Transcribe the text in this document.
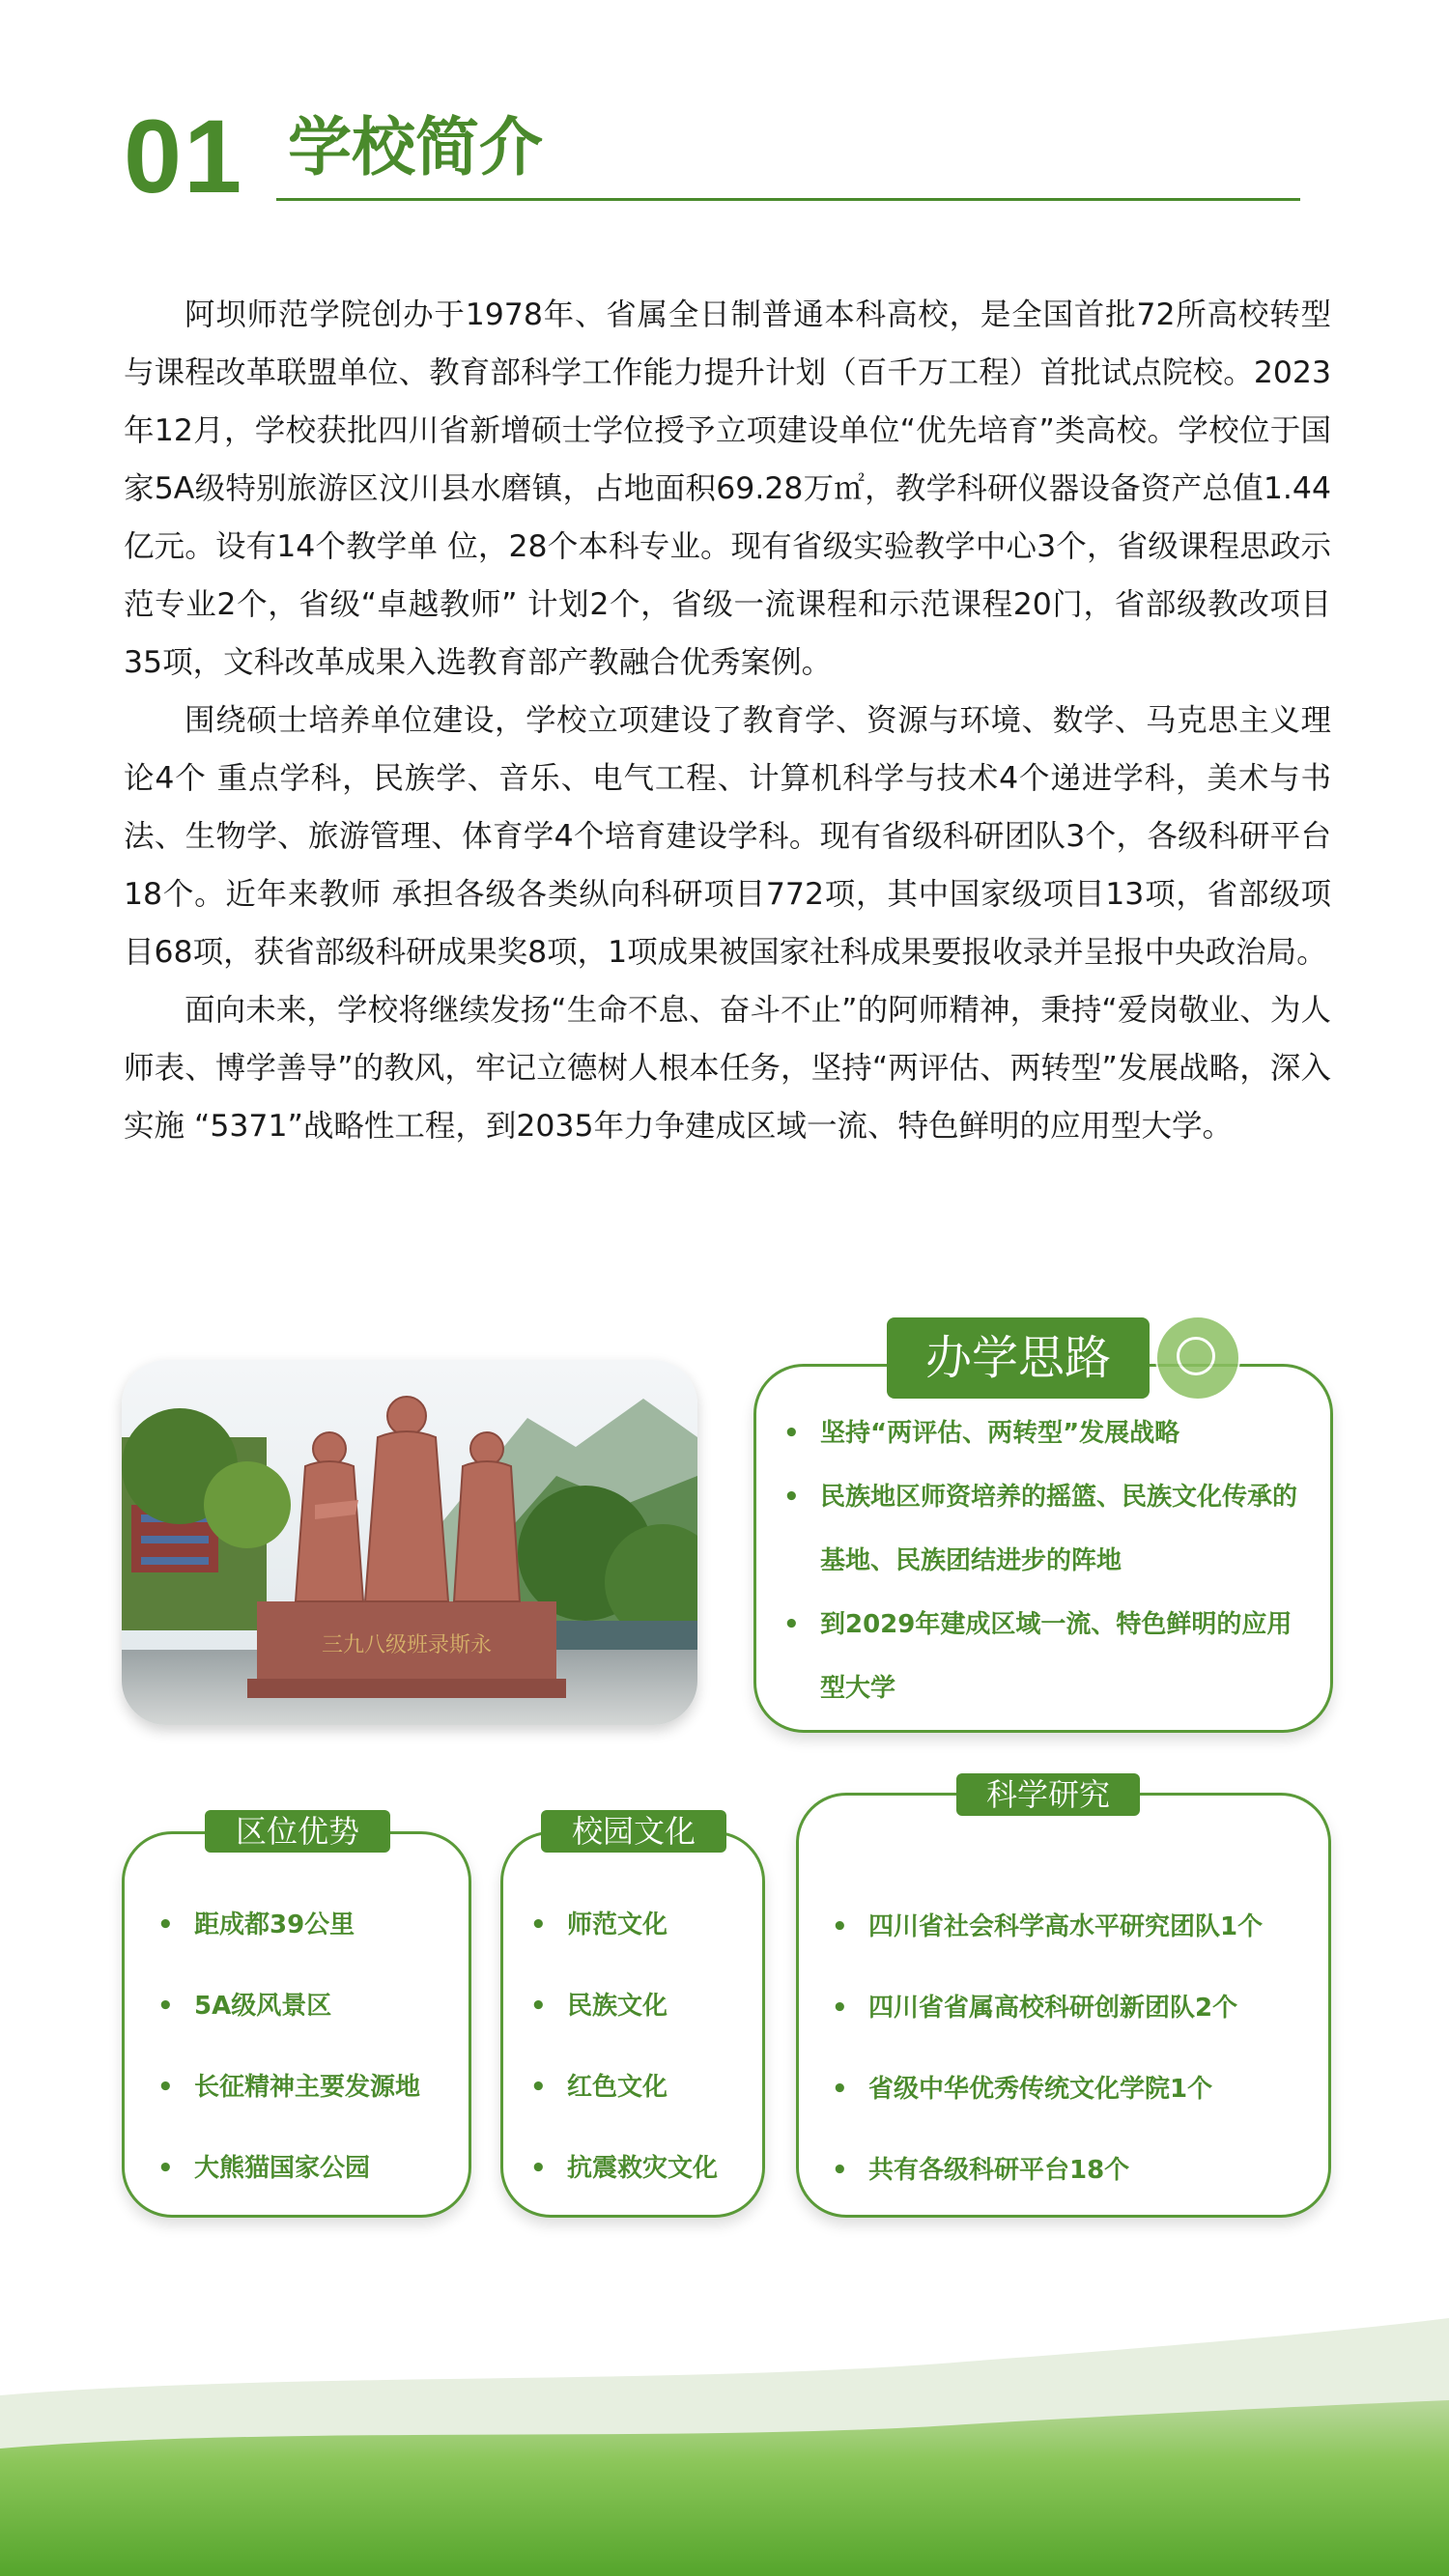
01 学校简介

阿坝师范学院创办于1978年、省属全日制普通本科高校，是全国首批72所高校转型与课程改革联盟单位、教育部科学工作能力提升计划（百千万工程）首批试点院校。2023年12月，学校获批四川省新增硕士学位授予立项建设单位“优先培育”类高校。学校位于国家5A级特别旅游区汶川县水磨镇，占地面积69.28万㎡，教学科研仪器设备资产总值1.44亿元。设有14个教学单 位，28个本科专业。现有省级实验教学中心3个，省级课程思政示范专业2个，省级“卓越教师” 计划2个，省级一流课程和示范课程20门，省部级教改项目35项，文科改革成果入选教育部产教融合优秀案例。

围绕硕士培养单位建设，学校立项建设了教育学、资源与环境、数学、马克思主义理论4个 重点学科，民族学、音乐、电气工程、计算机科学与技术4个递进学科，美术与书法、生物学、旅游管理、体育学4个培育建设学科。现有省级科研团队3个，各级科研平台18个。近年来教师 承担各级各类纵向科研项目772项，其中国家级项目13项，省部级项目68项，获省部级科研成果奖8项，1项成果被国家社科成果要报收录并呈报中央政治局。

面向未来，学校将继续发扬“生命不息、奋斗不止”的阿师精神，秉持“爱岗敬业、为人师表、博学善导”的教风，牢记立德树人根本任务，坚持“两评估、两转型”发展战略，深入实施 “5371”战略性工程，到2035年力争建成区域一流、特色鲜明的应用型大学。

三九八级班录斯永
• 坚持“两评估、两转型”发展战略
• 民族地区师资培养的摇篮、民族文化传承的基地、民族团结进步的阵地
• 到2029年建成区域一流、特色鲜明的应用型大学
办学思路
• 距成都39公里
• 5A级风景区
• 长征精神主要发源地
• 大熊猫国家公园
区位优势
• 师范文化
• 民族文化
• 红色文化
• 抗震救灾文化
校园文化
• 四川省社会科学高水平研究团队1个
• 四川省省属高校科研创新团队2个
• 省级中华优秀传统文化学院1个
• 共有各级科研平台18个
科学研究
